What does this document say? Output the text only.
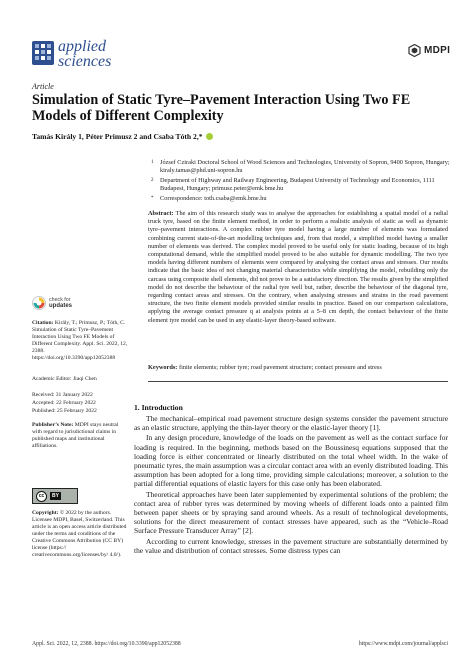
applied
sciences
MDPI
Article
Simulation of Static Tyre–Pavement Interaction Using Two FE Models of Different Complexity
Tamás Király 1, Péter Primusz 2 and Csaba Tóth 2,*
1 József Cziraki Doctoral School of Wood Sciences and Technologies, University of Sopron, 9400 Sopron, Hungary; kiraly.tamas@phd.uni-sopron.hu
2 Department of Highway and Railway Engineering, Budapest University of Technology and Economics, 1111 Budapest, Hungary; primusz.peter@emk.bme.hu
* Correspondence: toth.csaba@emk.bme.hu
Abstract: The aim of this research study was to analyse the approaches for establishing a spatial model of a radial truck tyre, based on the finite element method, in order to perform a realistic analysis of static as well as dynamic tyre–pavement interactions. A complex rubber tyre model having a large number of elements was formulated combining current state-of-the-art modelling techniques and, from that model, a simplified model having a smaller number of elements was derived. The complex model proved to be useful only for static loading, because of its high computational demand, while the simplified model proved to be also suitable for dynamic modelling. The two tyre models having different numbers of elements were compared by analysing the contact areas and stresses. Our results indicate that the basic idea of not changing material characteristics while simplifying the model, rebuilding only the carcass using composite shell elements, did not prove to be a satisfactory direction. The results given by the simplified model do not describe the behaviour of the radial tyre well but, rather, describe the behaviour of the diagonal tyre, regarding contact areas and stresses. On the contrary, when analysing stresses and strains in the road pavement structure, the two finite element models provided similar results in practice. Based on our comparison calculations, applying the average contact pressure q at analysis points at a 5–8 cm depth, the contact behaviour of the finite element tyre model can be used in any elastic-layer theory-based software.
Keywords: finite elements; rubber tyre; road pavement structure; contact pressure and stress
check for
updates
Citation: Király, T.; Primusz, P.; Tóth, C. Simulation of Static Tyre–Pavement Interaction Using Two FE Models of Different Complexity. Appl. Sci. 2022, 12, 2388. https://doi.org/10.3390/app12052388
Academic Editor: Jiaqi Chen
Received: 31 January 2022
Accepted: 22 February 2022
Published: 25 February 2022
Publisher’s Note: MDPI stays neutral with regard to jurisdictional claims in published maps and institutional affiliations.
cc	BY
Copyright: © 2022 by the authors. Licensee MDPI, Basel, Switzerland. This article is an open access article distributed under the terms and conditions of the Creative Commons Attribution (CC BY) license (https:// creativecommons.org/licenses/by/ 4.0/).
1. Introduction

The mechanical–empirical road pavement structure design systems consider the pavement structure as an elastic structure, applying the thin-layer theory or the elastic-layer theory [1].

In any design procedure, knowledge of the loads on the pavement as well as the contact surface for loading is required. In the beginning, methods based on the Boussinesq equations supposed that the loading force is either concentrated or linearly distributed on the total wheel width. In the wake of pneumatic tyres, the main assumption was a circular contact area with an evenly distributed loading. This assumption has been adopted for a long time, providing simple calculations; moreover, a solution to the partial differential equations of elastic layers for this case only has been elaborated.

Theoretical approaches have been later supplemented by experimental solutions of the problem; the contact area of rubber tyres was determined by moving wheels of different loads onto a painted film between paper sheets or by spraying sand around wheels. As a result of technological developments, solutions for the direct measurement of contact stresses have appeared, such as the “Vehicle–Road Surface Pressure Transducer Array” [2].

According to current knowledge, stresses in the pavement structure are substantially determined by the value and distribution of contact stresses. Some distress types can

Appl. Sci. 2022, 12, 2388. https://doi.org/10.3390/app12052388	https://www.mdpi.com/journal/applsci
